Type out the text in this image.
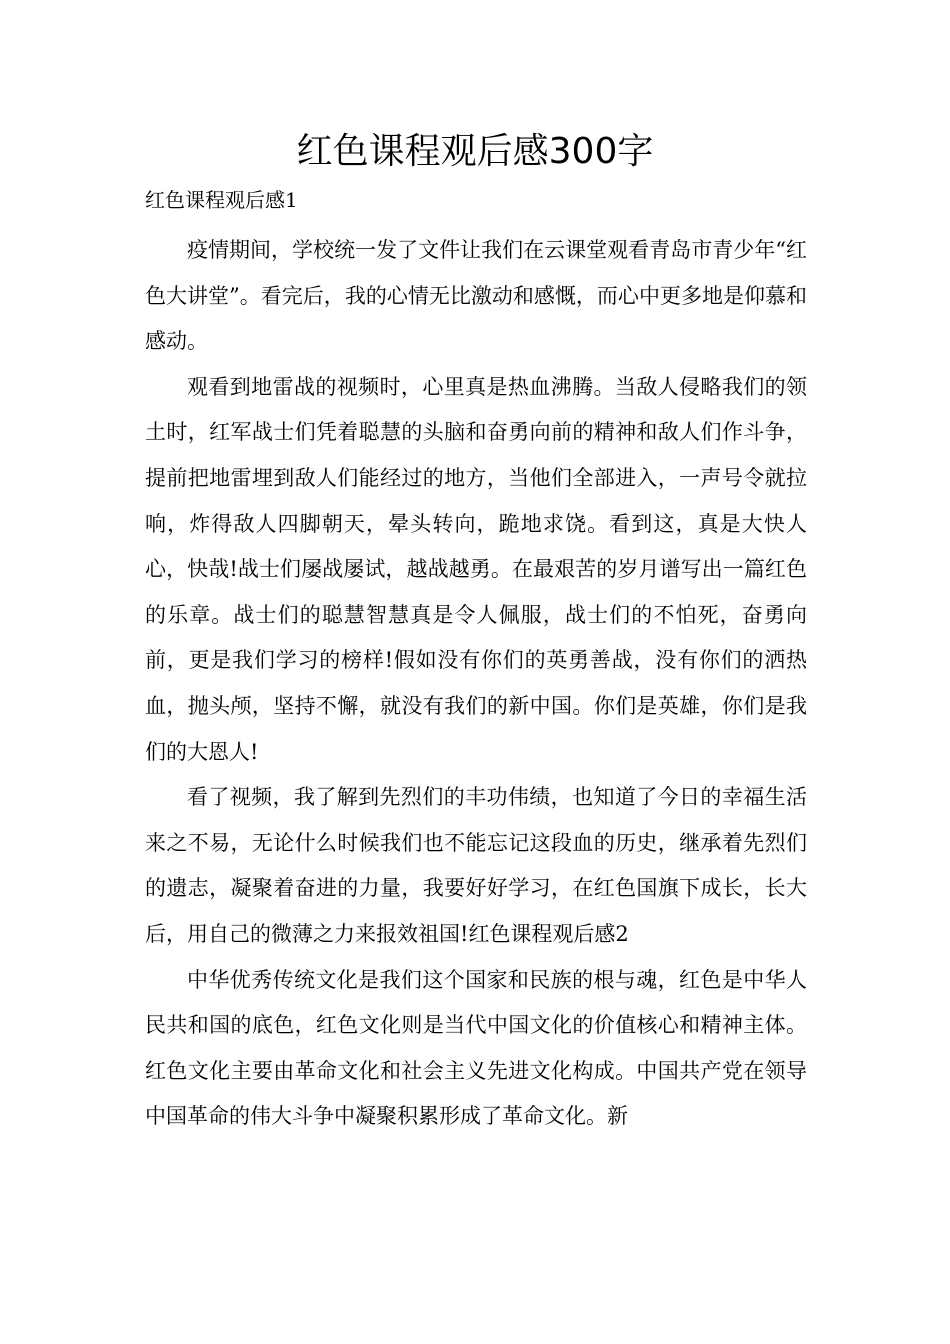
红色课程观后感300字

红色课程观后感1

疫情期间，学校统一发了文件让我们在云课堂观看青岛市青少年“红色大讲堂”。看完后，我的心情无比激动和感慨，而心中更多地是仰慕和感动。

观看到地雷战的视频时，心里真是热血沸腾。当敌人侵略我们的领土时，红军战士们凭着聪慧的头脑和奋勇向前的精神和敌人们作斗争，提前把地雷埋到敌人们能经过的地方，当他们全部进入，一声号令就拉响，炸得敌人四脚朝天，晕头转向，跪地求饶。看到这，真是大快人心，快哉!战士们屡战屡试，越战越勇。在最艰苦的岁月谱写出一篇红色的乐章。战士们的聪慧智慧真是令人佩服，战士们的不怕死，奋勇向前，更是我们学习的榜样!假如没有你们的英勇善战，没有你们的洒热血，抛头颅，坚持不懈，就没有我们的新中国。你们是英雄，你们是我们的大恩人!

看了视频，我了解到先烈们的丰功伟绩，也知道了今日的幸福生活来之不易，无论什么时候我们也不能忘记这段血的历史，继承着先烈们的遗志，凝聚着奋进的力量，我要好好学习，在红色国旗下成长，长大后，用自己的微薄之力来报效祖国!红色课程观后感2

中华优秀传统文化是我们这个国家和民族的根与魂，红色是中华人民共和国的底色，红色文化则是当代中国文化的价值核心和精神主体。红色文化主要由革命文化和社会主义先进文化构成。中国共产党在领导中国革命的伟大斗争中凝聚积累形成了革命文化。新
